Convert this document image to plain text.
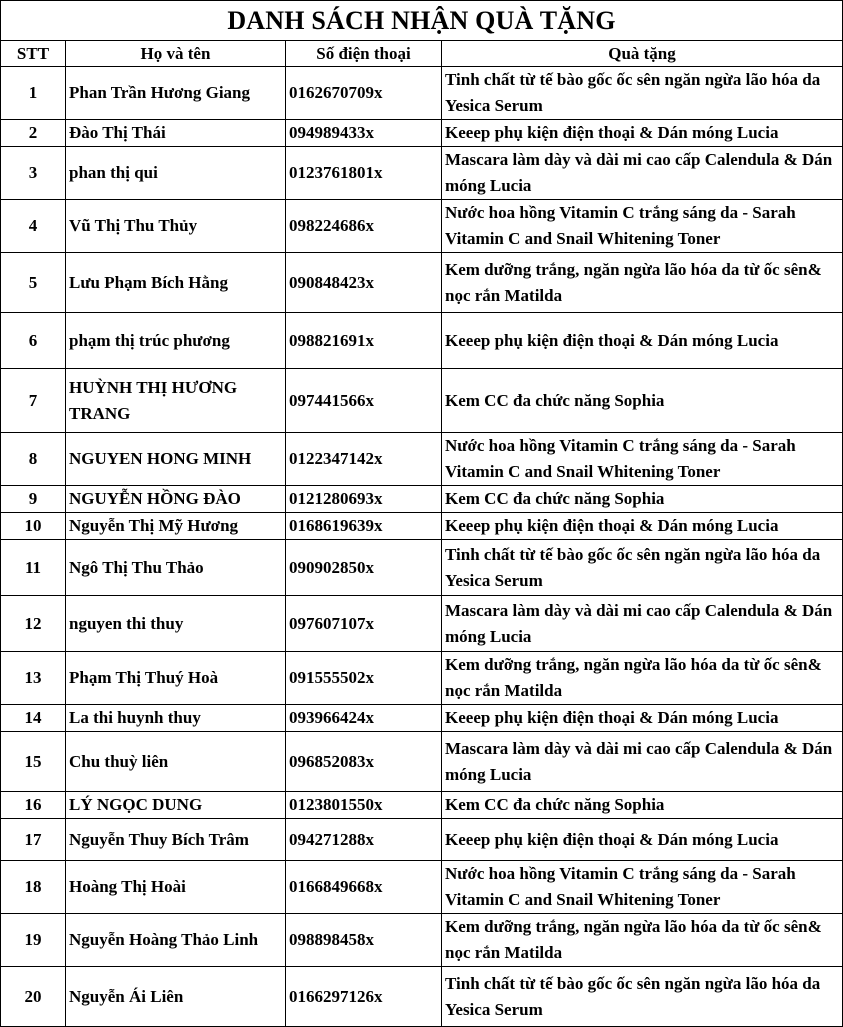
DANH SÁCH NHẬN QUÀ TẶNG
STT	Họ và tên	Số điện thoại	Quà tặng
1	Phan Trần Hương Giang	0162670709x	Tinh chất từ tế bào gốc ốc sên ngăn ngừa lão hóa da Yesica Serum
2	Đào Thị Thái	094989433x	Keeep phụ kiện điện thoại & Dán móng Lucia
3	phan thị qui	0123761801x	Mascara làm dày và dài mi cao cấp Calendula & Dán móng Lucia
4	Vũ Thị Thu Thủy	098224686x	Nước hoa hồng Vitamin C trắng sáng da - Sarah Vitamin C and Snail Whitening Toner
5	Lưu Phạm Bích Hằng	090848423x	Kem dưỡng trắng, ngăn ngừa lão hóa da từ ốc sên& nọc rắn Matilda
6	phạm thị trúc phương	098821691x	Keeep phụ kiện điện thoại & Dán móng Lucia
7	HUỲNH THỊ HƯƠNG TRANG	097441566x	Kem CC đa chức năng Sophia
8	NGUYEN HONG MINH	0122347142x	Nước hoa hồng Vitamin C trắng sáng da - Sarah Vitamin C and Snail Whitening Toner
9	NGUYỄN HỒNG ĐÀO	0121280693x	Kem CC đa chức năng Sophia
10	Nguyễn Thị Mỹ Hương	0168619639x	Keeep phụ kiện điện thoại & Dán móng Lucia
11	Ngô Thị Thu Thảo	090902850x	Tinh chất từ tế bào gốc ốc sên ngăn ngừa lão hóa da Yesica Serum
12	nguyen thi thuy	097607107x	Mascara làm dày và dài mi cao cấp Calendula & Dán móng Lucia
13	Phạm Thị Thuý Hoà	091555502x	Kem dưỡng trắng, ngăn ngừa lão hóa da từ ốc sên& nọc rắn Matilda
14	La thi huynh thuy	093966424x	Keeep phụ kiện điện thoại & Dán móng Lucia
15	Chu thuỳ liên	096852083x	Mascara làm dày và dài mi cao cấp Calendula & Dán móng Lucia
16	LÝ NGỌC DUNG	0123801550x	Kem CC đa chức năng Sophia
17	Nguyễn Thuy Bích Trâm	094271288x	Keeep phụ kiện điện thoại & Dán móng Lucia
18	Hoàng Thị Hoài	0166849668x	Nước hoa hồng Vitamin C trắng sáng da - Sarah Vitamin C and Snail Whitening Toner
19	Nguyễn Hoàng Thảo Linh	098898458x	Kem dưỡng trắng, ngăn ngừa lão hóa da từ ốc sên& nọc rắn Matilda
20	Nguyễn Ái Liên	0166297126x	Tinh chất từ tế bào gốc ốc sên ngăn ngừa lão hóa da Yesica Serum
